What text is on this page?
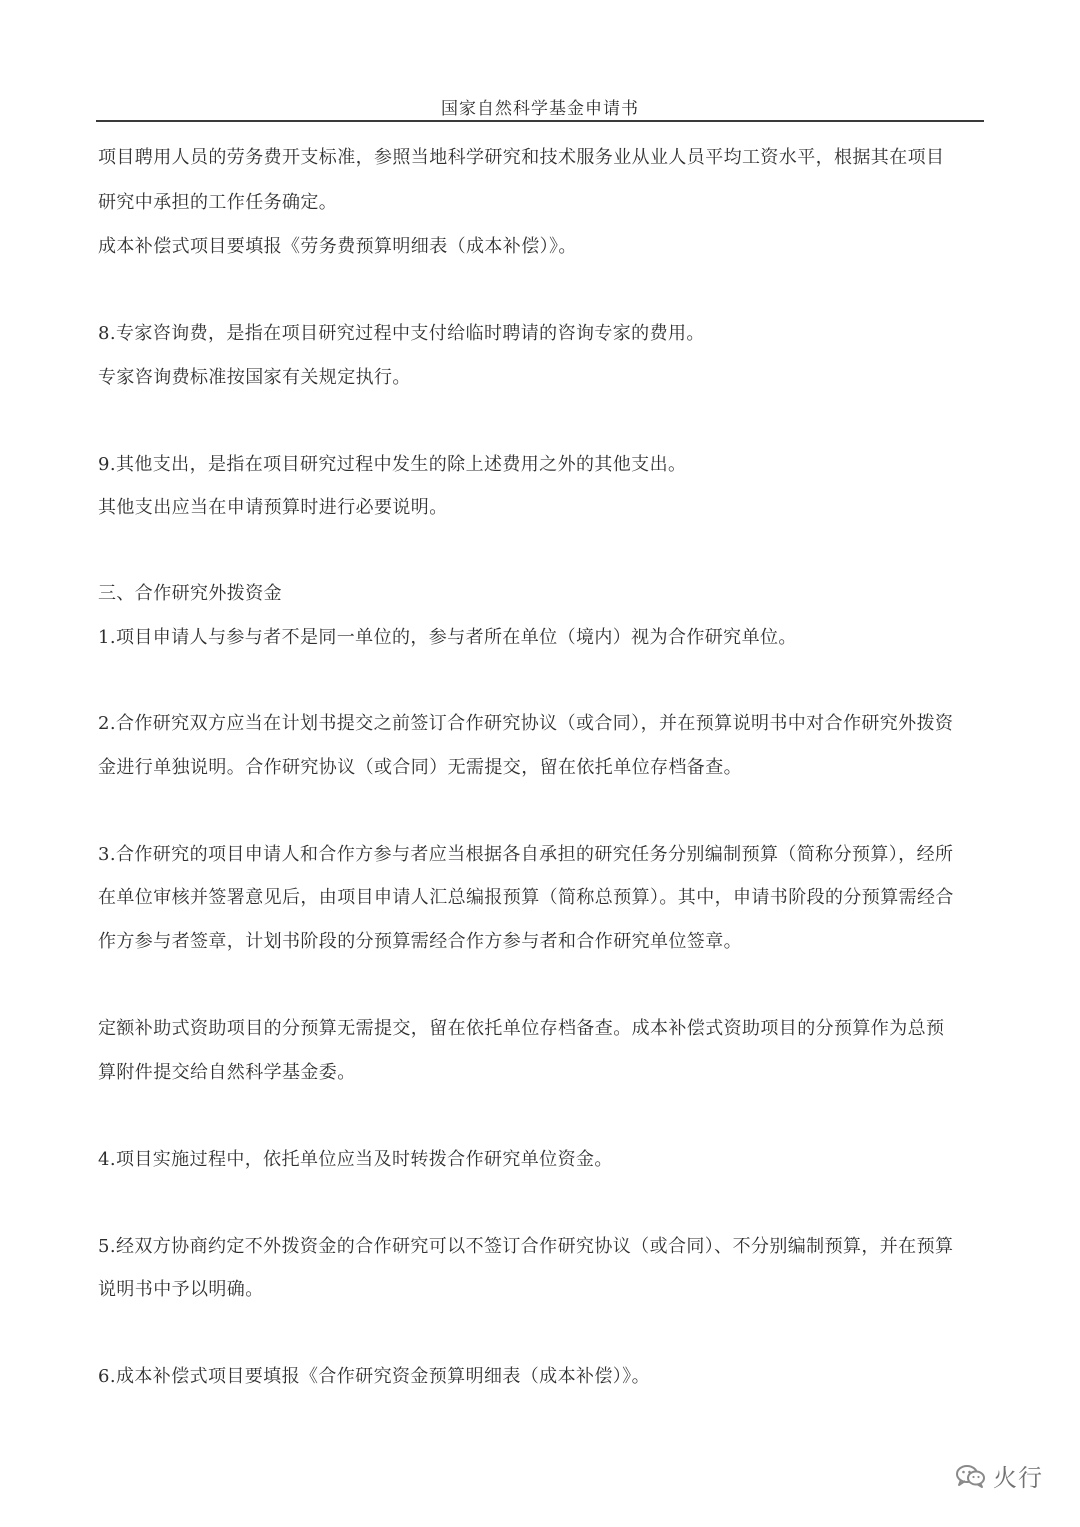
国家自然科学基金申请书
项目聘用人员的劳务费开支标准，参照当地科学研究和技术服务业从业人员平均工资水平，根据其在项目
研究中承担的工作任务确定。
成本补偿式项目要填报《劳务费预算明细表（成本补偿）》。
8.专家咨询费，是指在项目研究过程中支付给临时聘请的咨询专家的费用。
专家咨询费标准按国家有关规定执行。
9.其他支出，是指在项目研究过程中发生的除上述费用之外的其他支出。
其他支出应当在申请预算时进行必要说明。
三、合作研究外拨资金
1.项目申请人与参与者不是同一单位的，参与者所在单位（境内）视为合作研究单位。
2.合作研究双方应当在计划书提交之前签订合作研究协议（或合同），并在预算说明书中对合作研究外拨资
金进行单独说明。合作研究协议（或合同）无需提交，留在依托单位存档备查。
3.合作研究的项目申请人和合作方参与者应当根据各自承担的研究任务分别编制预算（简称分预算），经所
在单位审核并签署意见后，由项目申请人汇总编报预算（简称总预算）。其中，申请书阶段的分预算需经合
作方参与者签章，计划书阶段的分预算需经合作方参与者和合作研究单位签章。
定额补助式资助项目的分预算无需提交，留在依托单位存档备查。成本补偿式资助项目的分预算作为总预
算附件提交给自然科学基金委。
4.项目实施过程中，依托单位应当及时转拨合作研究单位资金。
5.经双方协商约定不外拨资金的合作研究可以不签订合作研究协议（或合同）、不分别编制预算，并在预算
说明书中予以明确。
6.成本补偿式项目要填报《合作研究资金预算明细表（成本补偿）》。
火行
